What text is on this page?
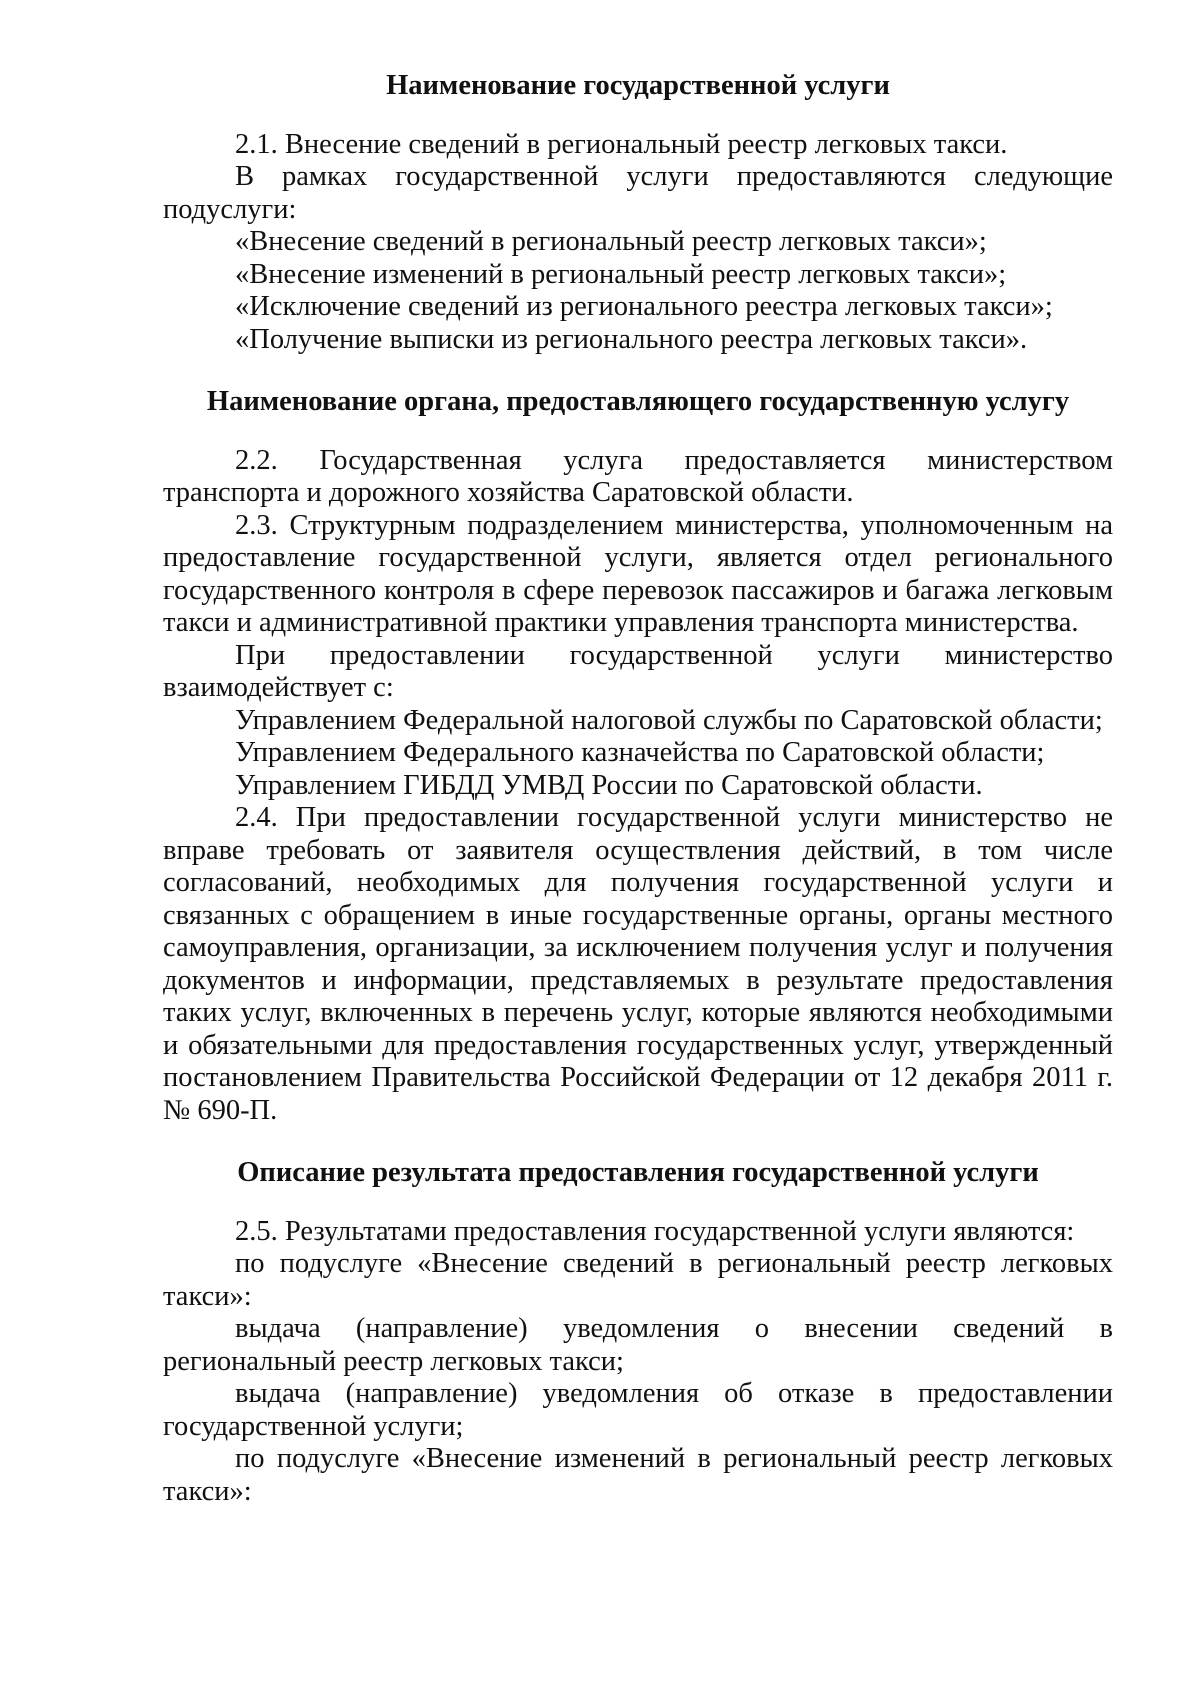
Наименование государственной услуги

2.1. Внесение сведений в региональный реестр легковых такси.

В рамках государственной услуги предоставляются следующие подуслуги:

«Внесение сведений в региональный реестр легковых такси»;

«Внесение изменений в региональный реестр легковых такси»;

«Исключение сведений из регионального реестра легковых такси»;

«Получение выписки из регионального реестра легковых такси».

Наименование органа, предоставляющего государственную услугу

2.2. Государственная услуга предоставляется министерством транспорта и дорожного хозяйства Саратовской области.

2.3. Структурным подразделением министерства, уполномоченным на предоставление государственной услуги, является отдел регионального государственного контроля в сфере перевозок пассажиров и багажа легковым такси и административной практики управления транспорта министерства.

При предоставлении государственной услуги министерство взаимодействует с:

Управлением Федеральной налоговой службы по Саратовской области;

Управлением Федерального казначейства по Саратовской области;

Управлением ГИБДД УМВД России по Саратовской области.

2.4. При предоставлении государственной услуги министерство не вправе требовать от заявителя осуществления действий, в том числе согласований, необходимых для получения государственной услуги и связанных с обращением в иные государственные органы, органы местного самоуправления, организации, за исключением получения услуг и получения документов и информации, представляемых в результате предоставления таких услуг, включенных в перечень услуг, которые являются необходимыми и обязательными для предоставления государственных услуг, утвержденный постановлением Правительства Российской Федерации от 12 декабря 2011 г. № 690-П.

Описание результата предоставления государственной услуги

2.5. Результатами предоставления государственной услуги являются:

по подуслуге «Внесение сведений в региональный реестр легковых такси»:

выдача (направление) уведомления о внесении сведений в региональный реестр легковых такси;

выдача (направление) уведомления об отказе в предоставлении государственной услуги;

по подуслуге «Внесение изменений в региональный реестр легковых такси»:
